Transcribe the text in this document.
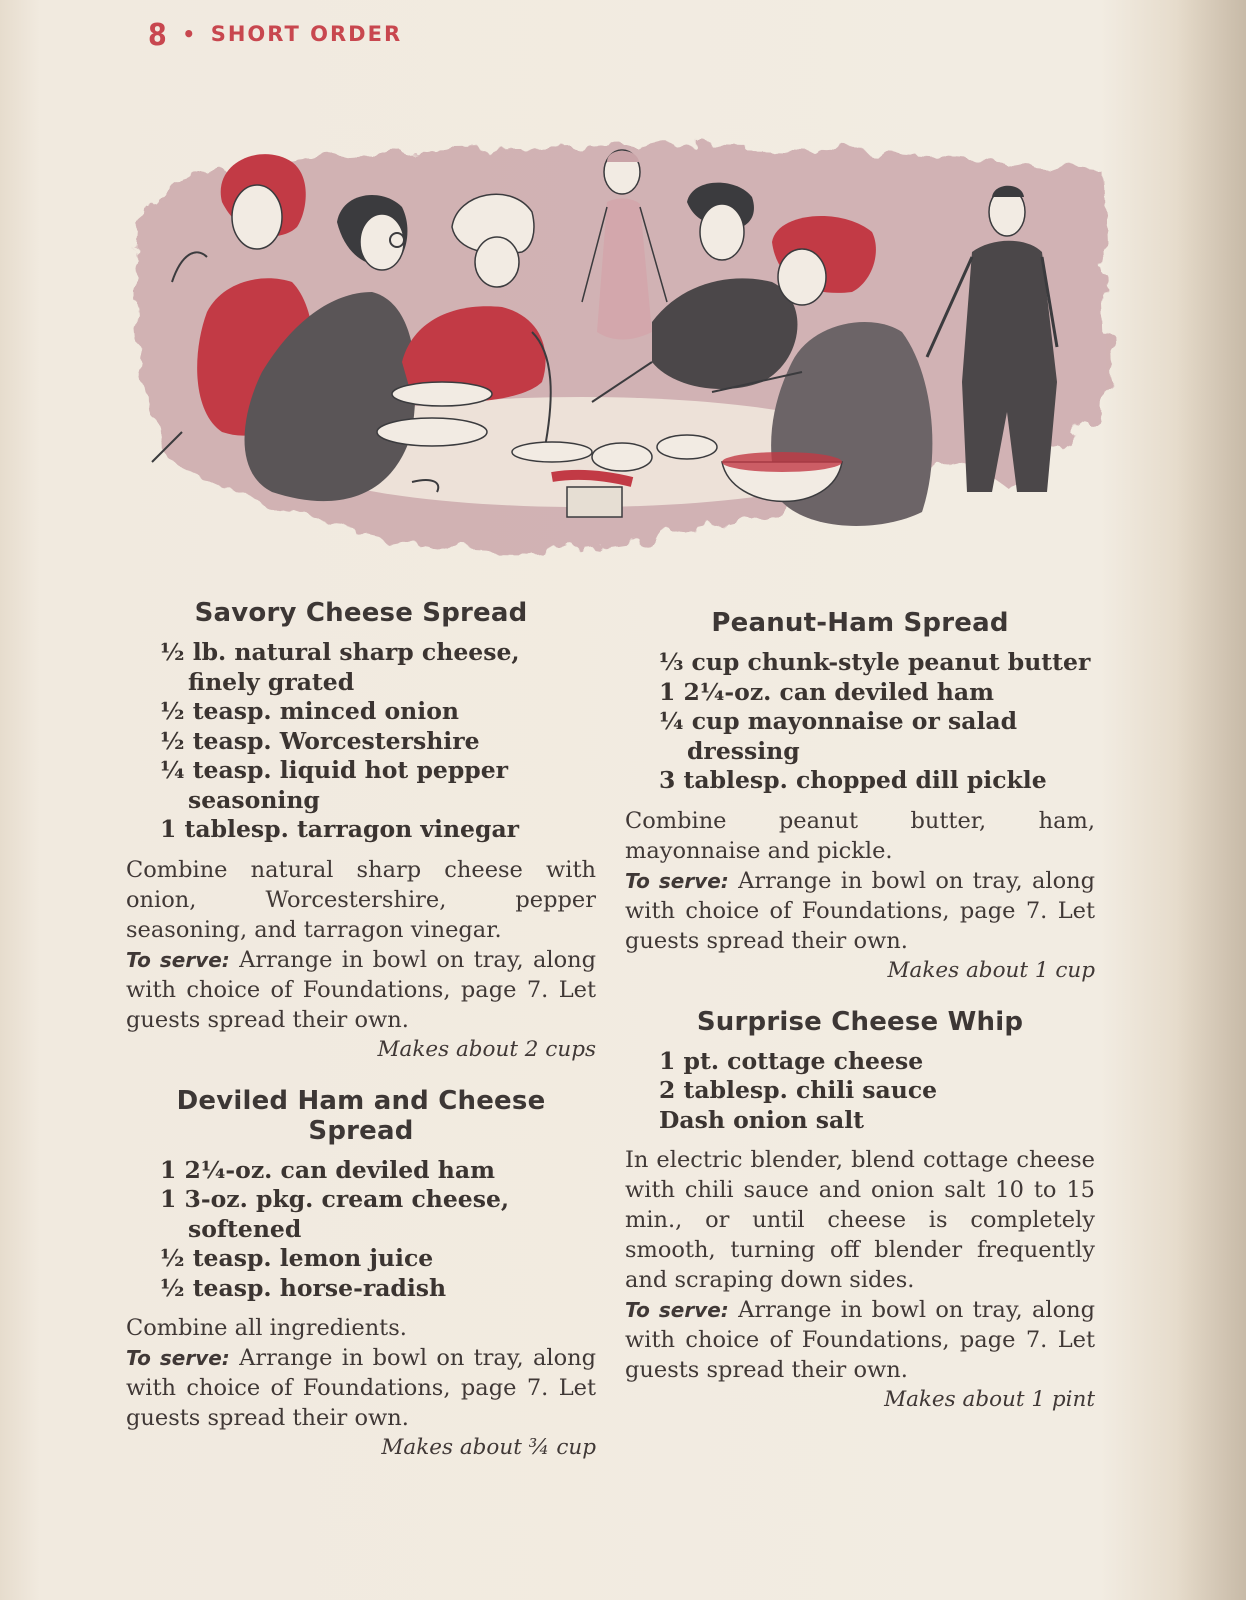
8 • SHORT ORDER
Savory Cheese Spread
½ lb. natural sharp cheese, finely grated
½ teasp. minced onion
½ teasp. Worcestershire
¼ teasp. liquid hot pepper seasoning
1 tablesp. tarragon vinegar

Combine natural sharp cheese with onion, Worcestershire, pepper seasoning, and tarragon vinegar.
To serve: Arrange in bowl on tray, along with choice of Foundations, page 7. Let guests spread their own.

Makes about 2 cups

Deviled Ham and Cheese Spread
1 2¼-oz. can deviled ham
1 3-oz. pkg. cream cheese, softened
½ teasp. lemon juice
½ teasp. horse-radish

Combine all ingredients.
To serve: Arrange in bowl on tray, along with choice of Foundations, page 7. Let guests spread their own.

Makes about ¾ cup

Peanut-Ham Spread
⅓ cup chunk-style peanut butter
1 2¼-oz. can deviled ham
¼ cup mayonnaise or salad dressing
3 tablesp. chopped dill pickle

Combine peanut butter, ham, mayonnaise and pickle.
To serve: Arrange in bowl on tray, along with choice of Foundations, page 7. Let guests spread their own.

Makes about 1 cup

Surprise Cheese Whip
1 pt. cottage cheese
2 tablesp. chili sauce
Dash onion salt

In electric blender, blend cottage cheese with chili sauce and onion salt 10 to 15 min., or until cheese is completely smooth, turning off blender frequently and scraping down sides.
To serve: Arrange in bowl on tray, along with choice of Foundations, page 7. Let guests spread their own.

Makes about 1 pint
